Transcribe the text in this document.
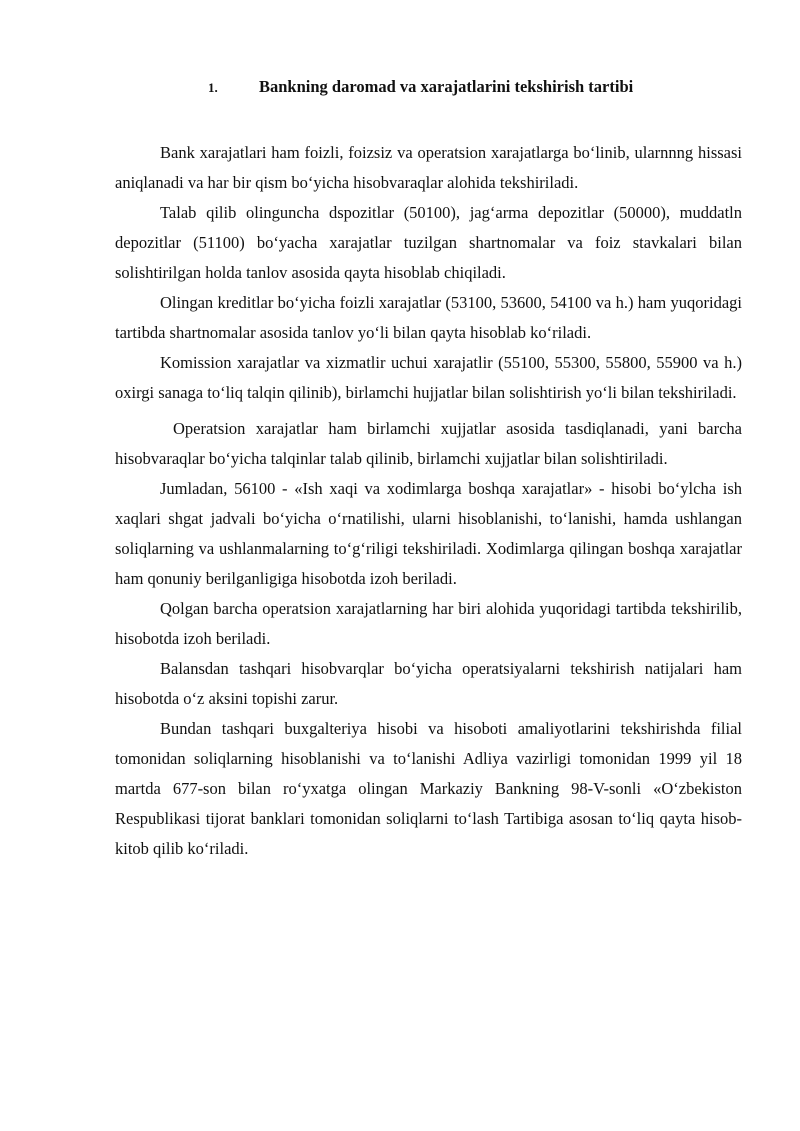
1.	Bankning daromad va xarajatlarini tekshirish tartibi

Bank xarajatlari ham foizli, foizsiz va operatsion xarajatlarga bo‘linib, ularnnng hissasi aniqlanadi va har bir qism bo‘yicha hisobvaraqlar alohida tekshiriladi.

Talab qilib olinguncha dspozitlar (50100), jag‘arma depozitlar (50000), muddatln depozitlar (51100) bo‘yacha xarajatlar tuzilgan shartnomalar va foiz stavkalari bilan solishtirilgan holda tanlov asosida qayta hisoblab chiqiladi.

Olingan kreditlar bo‘yicha foizli xarajatlar (53100, 53600, 54100 va h.) ham yuqoridagi tartibda shartnomalar asosida tanlov yo‘li bilan qayta hisoblab ko‘riladi.

Komission xarajatlar va xizmatlir uchui xarajatlir (55100, 55300, 55800, 55900 va h.) oxirgi sanaga to‘liq talqin qilinib), birlamchi hujjatlar bilan solishtirish yo‘li bilan tekshiriladi.

Operatsion xarajatlar ham birlamchi xujjatlar asosida tasdiqlanadi, yani barcha hisobvaraqlar bo‘yicha talqinlar talab qilinib, birlamchi xujjatlar bilan solishtiriladi.

Jumladan, 56100 - «Ish xaqi va xodimlarga boshqa xarajatlar» - hisobi bo‘ylcha ish xaqlari shgat jadvali bo‘yicha o‘rnatilishi, ularni hisoblanishi, to‘lanishi, hamda ushlangan soliqlarning va ushlanmalarning to‘g‘riligi tekshiriladi. Xodimlarga qilingan boshqa xarajatlar ham qonuniy berilganligiga hisobotda izoh beriladi.

Qolgan barcha operatsion xarajatlarning har biri alohida yuqoridagi tartibda tekshirilib, hisobotda izoh beriladi.

Balansdan tashqari hisobvarqlar bo‘yicha operatsiyalarni tekshirish natijalari ham hisobotda o‘z aksini topishi zarur.

Bundan tashqari buxgalteriya hisobi va hisoboti amaliyotlarini tekshirishda filial tomonidan soliqlarning hisoblanishi va to‘lanishi Adliya vazirligi tomonidan 1999 yil 18 martda 677-son bilan ro‘yxatga olingan Markaziy Bankning 98-V-sonli «O‘zbekiston Respublikasi tijorat banklari tomonidan soliqlarni to‘lash Tartibiga asosan to‘liq qayta hisob-kitob qilib ko‘riladi.
